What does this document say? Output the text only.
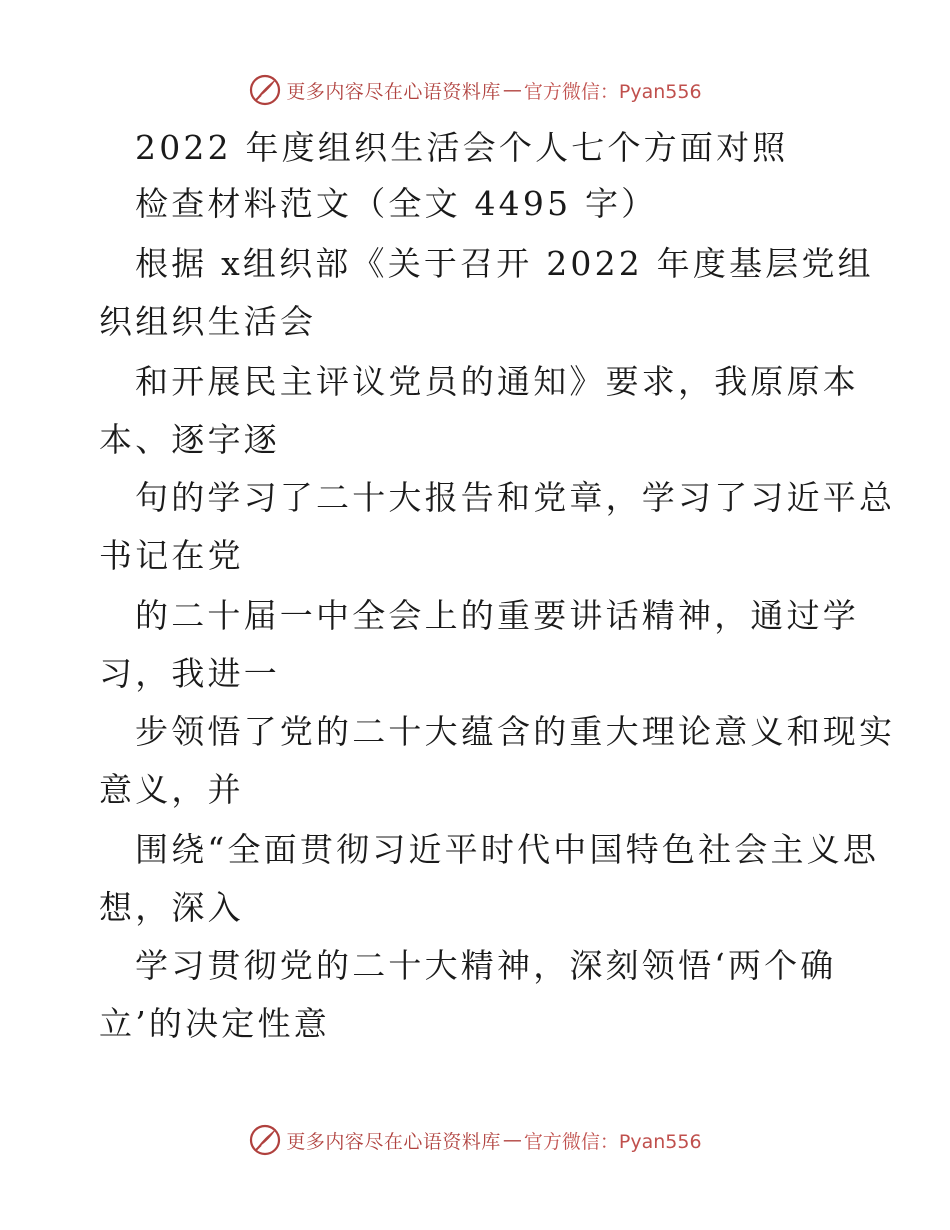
更多内容尽在心语资料库 — 官方微信：Pyan556
2022 年度组织生活会个人七个方面对照
检查材料范文（全文 4495 字）
根据 x组织部《关于召开 2022 年度基层党组
织组织生活会
和开展民主评议党员的通知》要求，我原原本
本、逐字逐
句的学习了二十大报告和党章，学习了习近平总
书记在党
的二十届一中全会上的重要讲话精神，通过学
习，我进一
步领悟了党的二十大蕴含的重大理论意义和现实
意义，并
围绕“全面贯彻习近平时代中国特色社会主义思
想，深入
学习贯彻党的二十大精神，深刻领悟‘两个确
立’的决定性意
更多内容尽在心语资料库 — 官方微信：Pyan556
